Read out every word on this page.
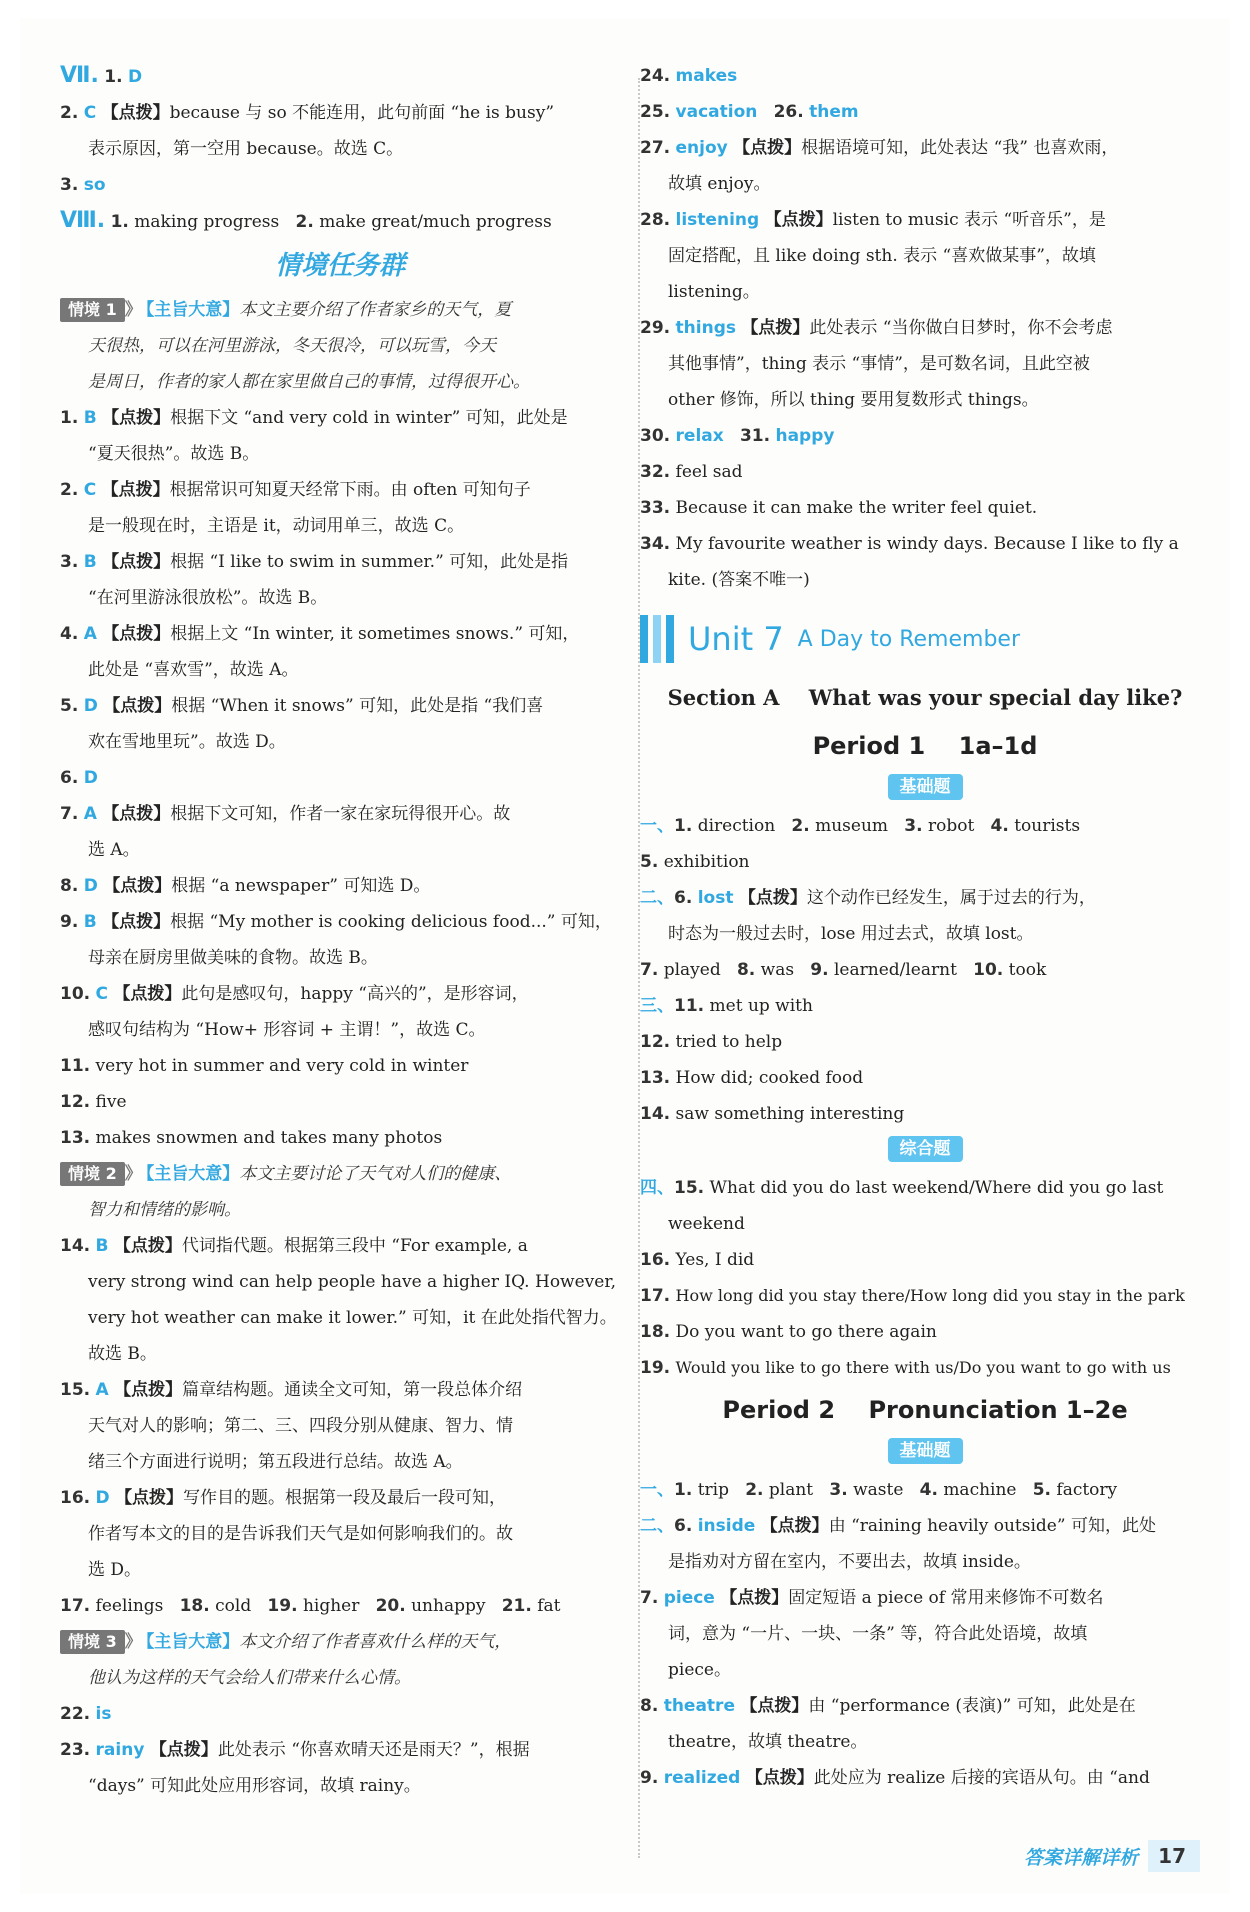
Ⅶ. 1. D
2. C 【点拨】because 与 so 不能连用，此句前面 “he is busy”
表示原因，第一空用 because。故选 C。
3. so
Ⅷ. 1. making progress 2. make great/much progress
情境任务群
情境 1 》 【主旨大意】本文主要介绍了作者家乡的天气，夏
天很热，可以在河里游泳，冬天很冷，可以玩雪，今天
是周日，作者的家人都在家里做自己的事情，过得很开心。
1. B 【点拨】根据下文 “and very cold in winter” 可知，此处是
“夏天很热”。故选 B。
2. C 【点拨】根据常识可知夏天经常下雨。由 often 可知句子
是一般现在时，主语是 it，动词用单三，故选 C。
3. B 【点拨】根据 “I like to swim in summer.” 可知，此处是指
“在河里游泳很放松”。故选 B。
4. A 【点拨】根据上文 “In winter, it sometimes snows.” 可知，
此处是 “喜欢雪”，故选 A。
5. D 【点拨】根据 “When it snows” 可知，此处是指 “我们喜
欢在雪地里玩”。故选 D。
6. D
7. A 【点拨】根据下文可知，作者一家在家玩得很开心。故
选 A。
8. D 【点拨】根据 “a newspaper” 可知选 D。
9. B 【点拨】根据 “My mother is cooking delicious food...” 可知，
母亲在厨房里做美味的食物。故选 B。
10. C 【点拨】此句是感叹句，happy “高兴的”，是形容词，
感叹句结构为 “How+ 形容词 + 主谓！”，故选 C。
11. very hot in summer and very cold in winter
12. five
13. makes snowmen and takes many photos
情境 2 》 【主旨大意】本文主要讨论了天气对人们的健康、
智力和情绪的影响。
14. B 【点拨】代词指代题。根据第三段中 “For example, a
very strong wind can help people have a higher IQ. However,
very hot weather can make it lower.” 可知，it 在此处指代智力。
故选 B。
15. A 【点拨】篇章结构题。通读全文可知，第一段总体介绍
天气对人的影响；第二、三、四段分别从健康、智力、情
绪三个方面进行说明；第五段进行总结。故选 A。
16. D 【点拨】写作目的题。根据第一段及最后一段可知，
作者写本文的目的是告诉我们天气是如何影响我们的。故
选 D。
17. feelings 18. cold 19. higher 20. unhappy 21. fat
情境 3 》 【主旨大意】本文介绍了作者喜欢什么样的天气，
他认为这样的天气会给人们带来什么心情。
22. is
23. rainy 【点拨】此处表示 “你喜欢晴天还是雨天？”，根据
“days” 可知此处应用形容词，故填 rainy。
24. makes
25. vacation 26. them
27. enjoy 【点拨】根据语境可知，此处表达 “我” 也喜欢雨，
故填 enjoy。
28. listening 【点拨】listen to music 表示 “听音乐”，是
固定搭配，且 like doing sth. 表示 “喜欢做某事”，故填
listening。
29. things 【点拨】此处表示 “当你做白日梦时，你不会考虑
其他事情”，thing 表示 “事情”，是可数名词，且此空被
other 修饰，所以 thing 要用复数形式 things。
30. relax 31. happy
32. feel sad
33. Because it can make the writer feel quiet.
34. My favourite weather is windy days. Because I like to fly a
kite. (答案不唯一)
Unit 7 A Day to Remember
Section A    What was your special day like?
Period 1    1a–1d
基础题
一、1. direction 2. museum 3. robot 4. tourists
5. exhibition
二、6. lost 【点拨】这个动作已经发生，属于过去的行为，
时态为一般过去时，lose 用过去式，故填 lost。
7. played 8. was 9. learned/learnt 10. took
三、11. met up with
12. tried to help
13. How did; cooked food
14. saw something interesting
综合题
四、15. What did you do last weekend/Where did you go last
weekend
16. Yes, I did
17. How long did you stay there/How long did you stay in the park
18. Do you want to go there again
19. Would you like to go there with us/Do you want to go with us
Period 2    Pronunciation 1–2e
基础题
一、1. trip 2. plant 3. waste 4. machine 5. factory
二、6. inside 【点拨】由 “raining heavily outside” 可知，此处
是指劝对方留在室内，不要出去，故填 inside。
7. piece 【点拨】固定短语 a piece of 常用来修饰不可数名
词，意为 “一片、一块、一条” 等，符合此处语境，故填
piece。
8. theatre 【点拨】由 “performance (表演)” 可知，此处是在
theatre，故填 theatre。
9. realized 【点拨】此处应为 realize 后接的宾语从句。由 “and
答案详解详析	17
